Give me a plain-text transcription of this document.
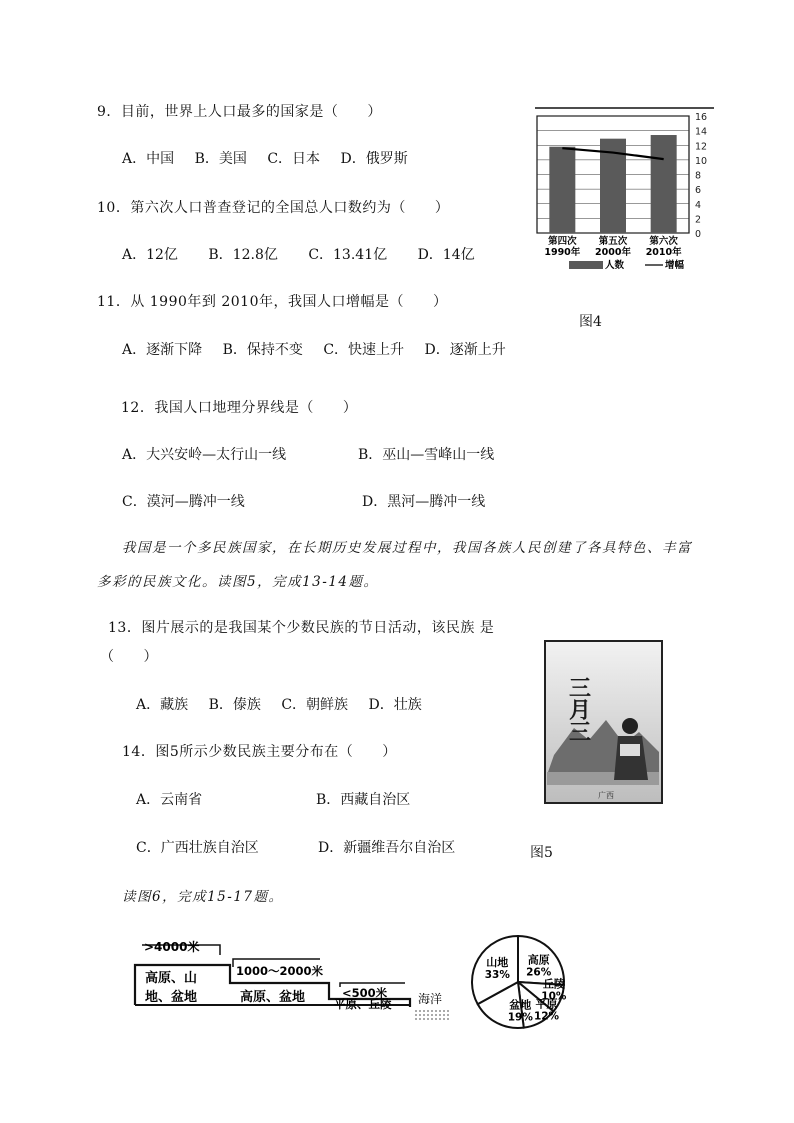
9．目前，世界上人口最多的国家是（　　）
A．中国 B．美国 C．日本 D．俄罗斯
10．第六次人口普查登记的全国总人口数约为（　　）
A．12亿 B．12.8亿 C．13.41亿 D．14亿
11．从 1990年到 2010年，我国人口增幅是（　　）
A．逐渐下降 B．保持不变 C．快速上升 D．逐渐上升
0
2
4
6
8
10
12
14
16
第四次
1990年
第五次
2000年
第六次
2010年
人数	增幅
图4
12．我国人口地理分界线是（　　）
A．大兴安岭—太行山一线	B．巫山—雪峰山一线
C．漠河—腾冲一线	D．黑河—腾冲一线
我国是一个多民族国家，在长期历史发展过程中，我国各族人民创建了各具特色、丰富
多彩的民族文化。读图5，完成13-14题。
13．图片展示的是我国某个少数民族的节日活动，该民族 是
（　　）
A．藏族 B．傣族 C．朝鲜族 D．壮族
14．图5所示少数民族主要分布在（　　）
A．云南省	B．西藏自治区
C．广西壮族自治区	D．新疆维吾尔自治区
三月三
广西
图5
读图6，完成15-17题。
>4000米
1000～2000米
<500米
高原、山
地、盆地	高原、盆地	平原、丘陵 海洋
山地
33%
高原
26%
丘陵
10%
平原
12%
盆地
19%
